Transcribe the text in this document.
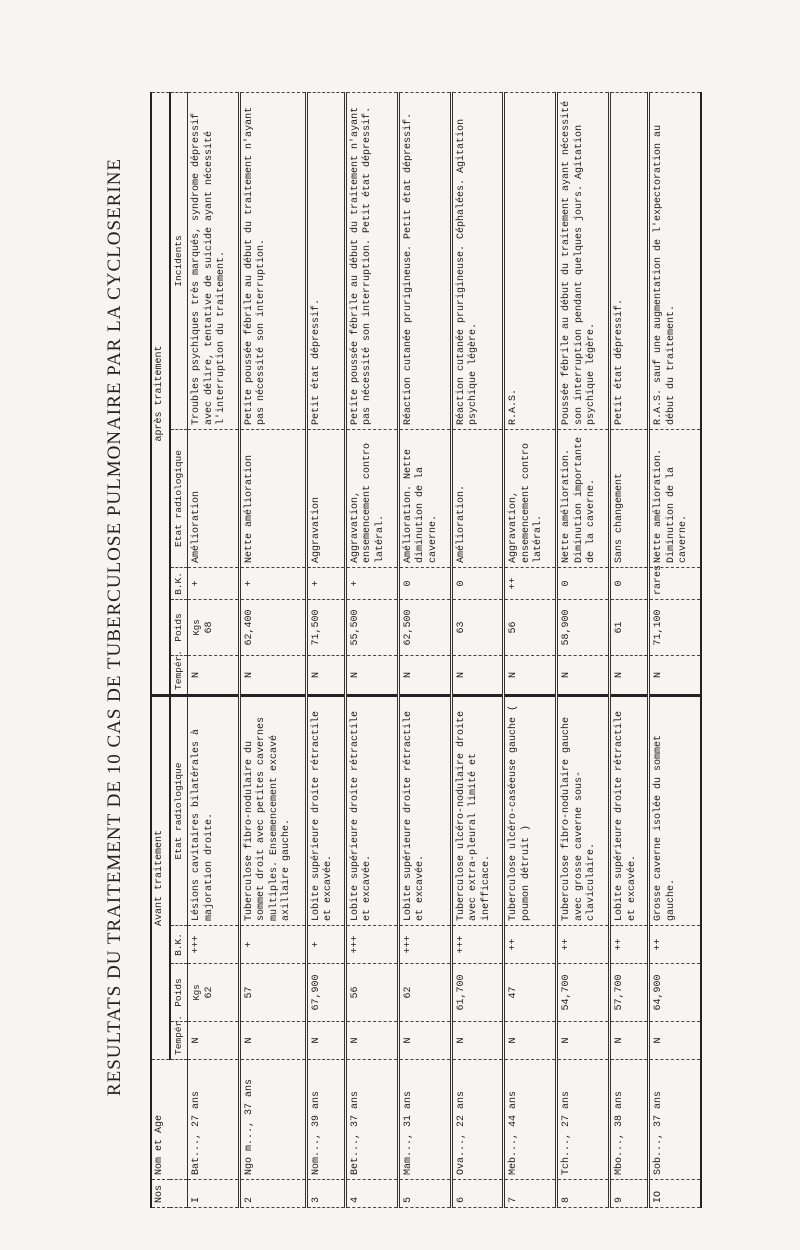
RESULTATS DU TRAITEMENT DE 10 CAS DE TUBERCULOSE PULMONAIRE PAR LA CYCLOSERINE
Nos	Nom et Age	Avant traitement				après traitement				
		Tempér.	Poids	B.K.	Etat radiologique	Tempér.	Poids	B.K.	Etat radiologique	Incidents
I	Bat..., 27 ans	N	Kgs 62	+++	Lésions cavitaires bilatérales à majoration droite.	N	Kgs 68	+	Amélioration	Troubles psychiques très marqués, syndrome dépressif avec délire, tentative de suicide ayant nécessité l'interruption du traitement.
2	Ngo m..., 37 ans	N	57	+	Tuberculose fibro-nodulaire du sommet droit avec petites cavernes multiples. Ensemencement excavé axillaire gauche.	N	62,400	+	Nette amélioration	Petite poussée fébrile au début du traitement n'ayant pas nécessité son interruption.
3	Nom..., 39 ans	N	67,900	+	Lobite supérieure droite rétractile et excavée.	N	71,500	+	Aggravation	Petit état dépressif.
4	Bet..., 37 ans	N	56	+++	Lobite supérieure droite rétractile et excavée.	N	55,500	+	Aggravation, ensemencement contro latéral.	Petite poussée fébrile au début du traitement n'ayant pas nécessité son interruption. Petit état dépressif.
5	Mam..., 31 ans	N	62	+++	Lobite supérieure droite rétractile et excavée.	N	62,500	0	Amélioration. Nette diminution de la caverne.	Réaction cutanée prurigineuse. Petit état dépressif.
6	Ova..., 22 ans	N	61,700	+++	Tuberculose ulcéro-nodulaire droite avec extra-pleural limité et inefficace.	N	63	0	Amélioration.	Réaction cutanée prurigineuse. Céphalées. Agitation psychique légère.
7	Meb..., 44 ans	N	47	++	Tuberculose ulcéro-caséeuse gauche ( poumon détruit )	N	56	++	Aggravation, ensemencement contro latéral.	R.A.S.
8	Tch..., 27 ans	N	54,700	++	Tuberculose fibro-nodulaire gauche avec grosse caverne sous-claviculaire.	N	58,900	0	Nette amélioration. Diminution importante de la caverne.	Poussée fébrile au début du traitement ayant nécessité son interruption pendant quelques jours. Agitation psychique légère.
9	Mbo..., 38 ans	N	57,700	++	Lobite supérieure droite rétractile et excavée.	N	61	0	Sans changement	Petit état dépressif.
IO	Sob..., 37 ans	N	64,900	++	Grosse caverne isolée du sommet gauche.	N	71,100	rares	Nette amélioration. Diminution de la caverne.	R.A.S. sauf une augmentation de l'expectoration au début du traitement.
